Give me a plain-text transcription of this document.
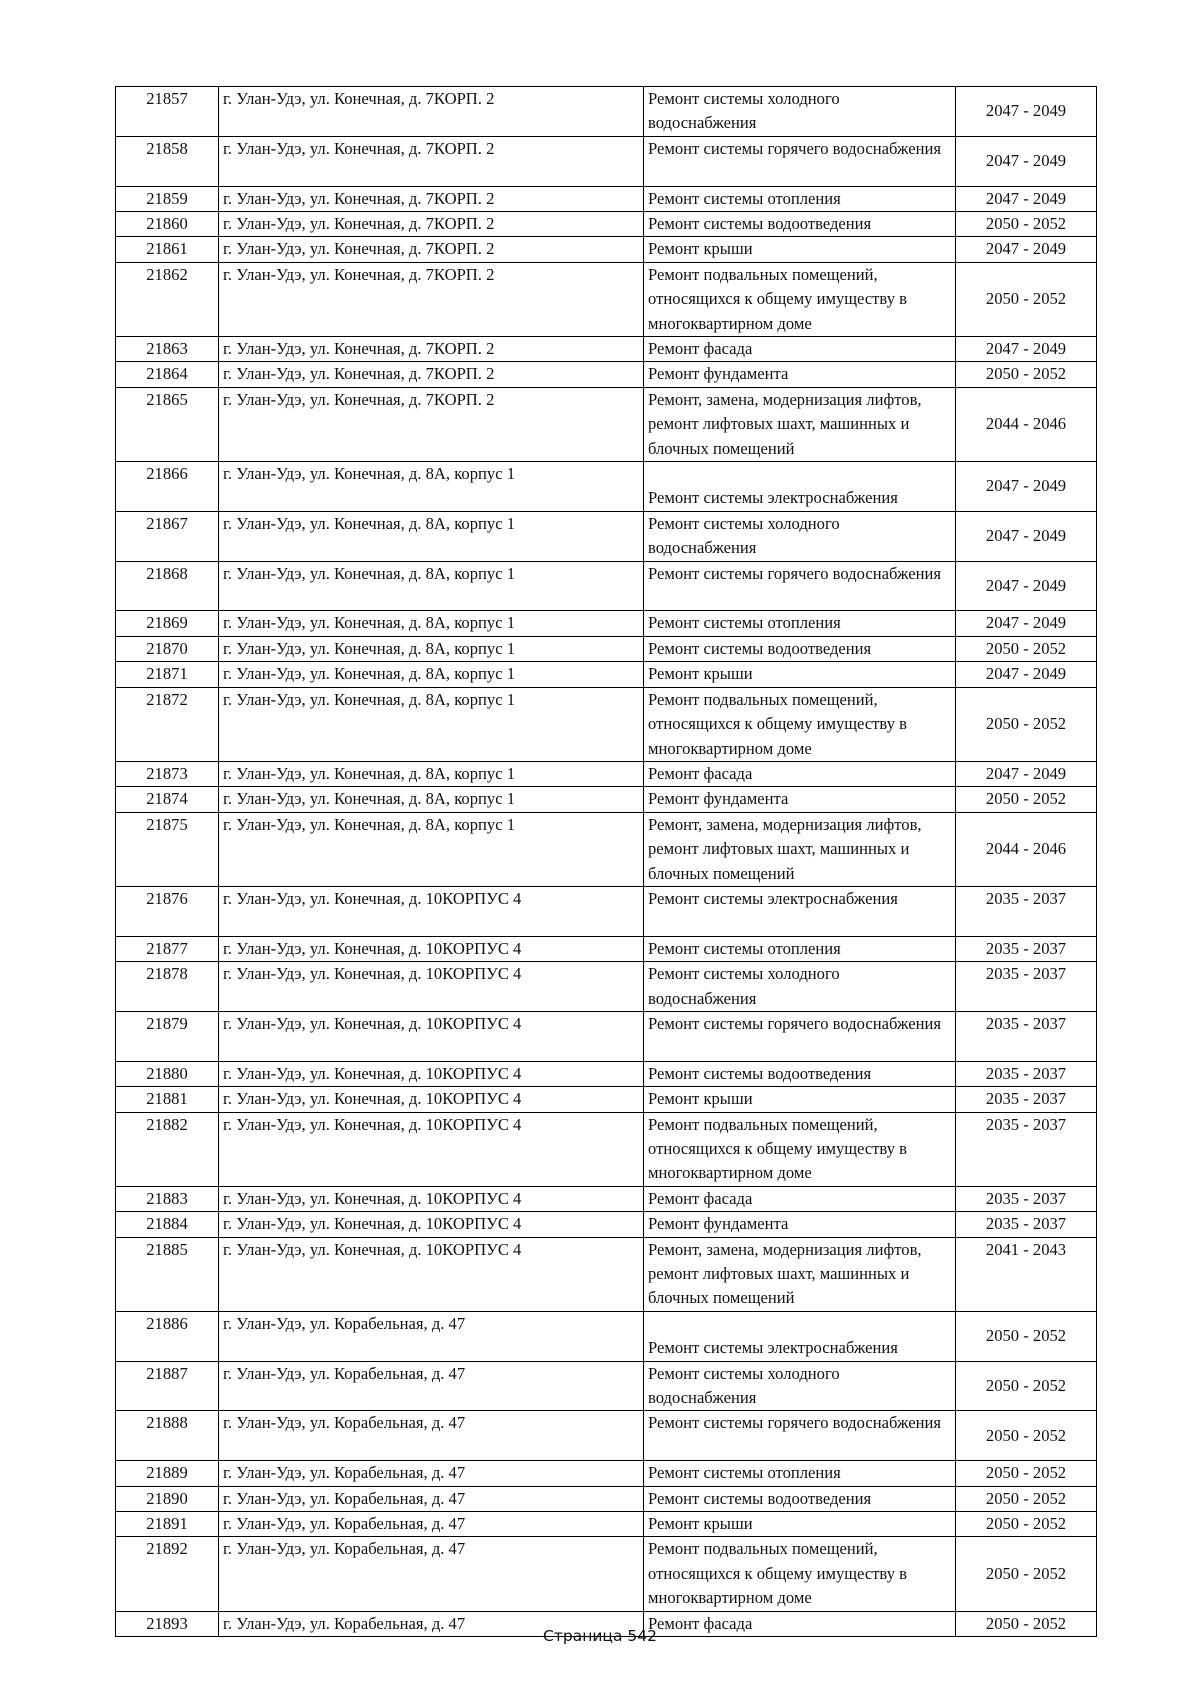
21857	г. Улан-Удэ, ул. Конечная, д. 7КОРП. 2	Ремонт системы холодного водоснабжения	2047 - 2049
21858	г. Улан-Удэ, ул. Конечная, д. 7КОРП. 2	Ремонт системы горячего водоснабжения	2047 - 2049
21859	г. Улан-Удэ, ул. Конечная, д. 7КОРП. 2	Ремонт системы отопления	2047 - 2049
21860	г. Улан-Удэ, ул. Конечная, д. 7КОРП. 2	Ремонт системы водоотведения	2050 - 2052
21861	г. Улан-Удэ, ул. Конечная, д. 7КОРП. 2	Ремонт крыши	2047 - 2049
21862	г. Улан-Удэ, ул. Конечная, д. 7КОРП. 2	Ремонт подвальных помещений, относящихся к общему имуществу в многоквартирном доме	2050 - 2052
21863	г. Улан-Удэ, ул. Конечная, д. 7КОРП. 2	Ремонт фасада	2047 - 2049
21864	г. Улан-Удэ, ул. Конечная, д. 7КОРП. 2	Ремонт фундамента	2050 - 2052
21865	г. Улан-Удэ, ул. Конечная, д. 7КОРП. 2	Ремонт, замена, модернизация лифтов, ремонт лифтовых шахт, машинных и блочных помещений	2044 - 2046
21866	г. Улан-Удэ, ул. Конечная, д. 8А, корпус 1	Ремонт системы электроснабжения	2047 - 2049
21867	г. Улан-Удэ, ул. Конечная, д. 8А, корпус 1	Ремонт системы холодного водоснабжения	2047 - 2049
21868	г. Улан-Удэ, ул. Конечная, д. 8А, корпус 1	Ремонт системы горячего водоснабжения	2047 - 2049
21869	г. Улан-Удэ, ул. Конечная, д. 8А, корпус 1	Ремонт системы отопления	2047 - 2049
21870	г. Улан-Удэ, ул. Конечная, д. 8А, корпус 1	Ремонт системы водоотведения	2050 - 2052
21871	г. Улан-Удэ, ул. Конечная, д. 8А, корпус 1	Ремонт крыши	2047 - 2049
21872	г. Улан-Удэ, ул. Конечная, д. 8А, корпус 1	Ремонт подвальных помещений, относящихся к общему имуществу в многоквартирном доме	2050 - 2052
21873	г. Улан-Удэ, ул. Конечная, д. 8А, корпус 1	Ремонт фасада	2047 - 2049
21874	г. Улан-Удэ, ул. Конечная, д. 8А, корпус 1	Ремонт фундамента	2050 - 2052
21875	г. Улан-Удэ, ул. Конечная, д. 8А, корпус 1	Ремонт, замена, модернизация лифтов, ремонт лифтовых шахт, машинных и блочных помещений	2044 - 2046
21876	г. Улан-Удэ, ул. Конечная, д. 10КОРПУС 4	Ремонт системы электроснабжения	2035 - 2037
21877	г. Улан-Удэ, ул. Конечная, д. 10КОРПУС 4	Ремонт системы отопления	2035 - 2037
21878	г. Улан-Удэ, ул. Конечная, д. 10КОРПУС 4	Ремонт системы холодного водоснабжения	2035 - 2037
21879	г. Улан-Удэ, ул. Конечная, д. 10КОРПУС 4	Ремонт системы горячего водоснабжения	2035 - 2037
21880	г. Улан-Удэ, ул. Конечная, д. 10КОРПУС 4	Ремонт системы водоотведения	2035 - 2037
21881	г. Улан-Удэ, ул. Конечная, д. 10КОРПУС 4	Ремонт крыши	2035 - 2037
21882	г. Улан-Удэ, ул. Конечная, д. 10КОРПУС 4	Ремонт подвальных помещений, относящихся к общему имуществу в многоквартирном доме	2035 - 2037
21883	г. Улан-Удэ, ул. Конечная, д. 10КОРПУС 4	Ремонт фасада	2035 - 2037
21884	г. Улан-Удэ, ул. Конечная, д. 10КОРПУС 4	Ремонт фундамента	2035 - 2037
21885	г. Улан-Удэ, ул. Конечная, д. 10КОРПУС 4	Ремонт, замена, модернизация лифтов, ремонт лифтовых шахт, машинных и блочных помещений	2041 - 2043
21886	г. Улан-Удэ, ул. Корабельная, д. 47	Ремонт системы электроснабжения	2050 - 2052
21887	г. Улан-Удэ, ул. Корабельная, д. 47	Ремонт системы холодного водоснабжения	2050 - 2052
21888	г. Улан-Удэ, ул. Корабельная, д. 47	Ремонт системы горячего водоснабжения	2050 - 2052
21889	г. Улан-Удэ, ул. Корабельная, д. 47	Ремонт системы отопления	2050 - 2052
21890	г. Улан-Удэ, ул. Корабельная, д. 47	Ремонт системы водоотведения	2050 - 2052
21891	г. Улан-Удэ, ул. Корабельная, д. 47	Ремонт крыши	2050 - 2052
21892	г. Улан-Удэ, ул. Корабельная, д. 47	Ремонт подвальных помещений, относящихся к общему имуществу в многоквартирном доме	2050 - 2052
21893	г. Улан-Удэ, ул. Корабельная, д. 47	Ремонт фасада	2050 - 2052
Страница 542
